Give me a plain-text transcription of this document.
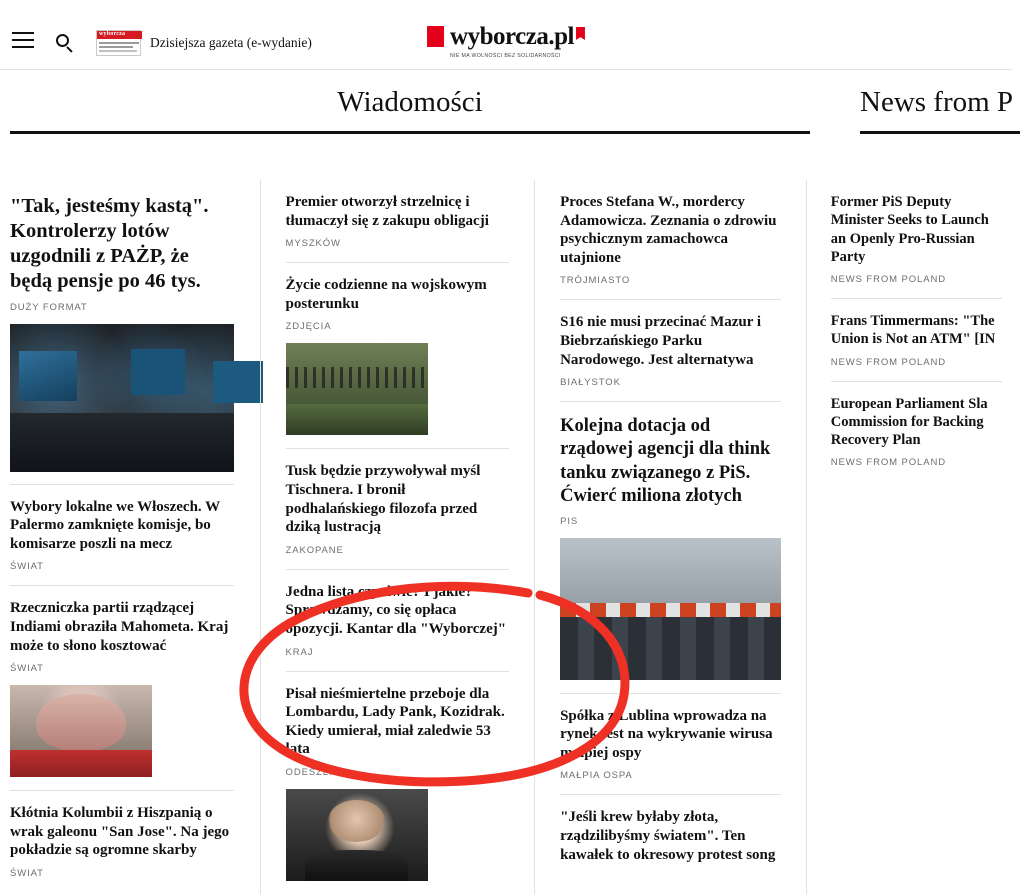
wyborcza
Dzisiejsza gazeta (e-wydanie)	wyborcza.pl
NIE MA WOLNOŚCI BEZ SOLIDARNOŚCI
Wiadomości	News from P
"Tak, jesteśmy kastą". Kontrolerzy lotów uzgodnili z PAŻP, że będą pensje po 46 tys.
DUŻY FORMAT
Wybory lokalne we Włoszech. W Palermo zamknięte komisje, bo komisarze poszli na mecz
ŚWIAT
Rzeczniczka partii rządzącej Indiami obraziła Mahometa. Kraj może to słono kosztować
ŚWIAT
Kłótnia Kolumbii z Hiszpanią o wrak galeonu "San Jose". Na jego pokładzie są ogromne skarby
ŚWIAT
Premier otworzył strzelnicę i tłumaczył się z zakupu obligacji
MYSZKÓW
Życie codzienne na wojskowym posterunku
ZDJĘCIA
Tusk będzie przywoływał myśl Tischnera. I bronił podhalańskiego filozofa przed dziką lustracją
ZAKOPANE
Jedna lista czy dwie? I jakie? Sprawdzamy, co się opłaca opozycji. Kantar dla "Wyborczej"
KRAJ
Pisał nieśmiertelne przeboje dla Lombardu, Lady Pank, Kozidrak. Kiedy umierał, miał zaledwie 53 lata
ODESZLI.PL
Proces Stefana W., mordercy Adamowicza. Zeznania o zdrowiu psychicznym zamachowca utajnione
TRÓJMIASTO
S16 nie musi przecinać Mazur i Biebrzańskiego Parku Narodowego. Jest alternatywa
BIAŁYSTOK
Kolejna dotacja od rządowej agencji dla think tanku związanego z PiS. Ćwierć miliona złotych
PIS
Spółka z Lublina wprowadza na rynek test na wykrywanie wirusa małpiej ospy
MAŁPIA OSPA
"Jeśli krew byłaby złota, rządzilibyśmy światem". Ten kawałek to okresowy protest song
Former PiS Deputy Minister Seeks to Launch an Openly Pro-Russian Party
NEWS FROM POLAND
Frans Timmermans: "The Union is Not an ATM" [IN
NEWS FROM POLAND
European Parliament Sla Commission for Backing Recovery Plan
NEWS FROM POLAND
